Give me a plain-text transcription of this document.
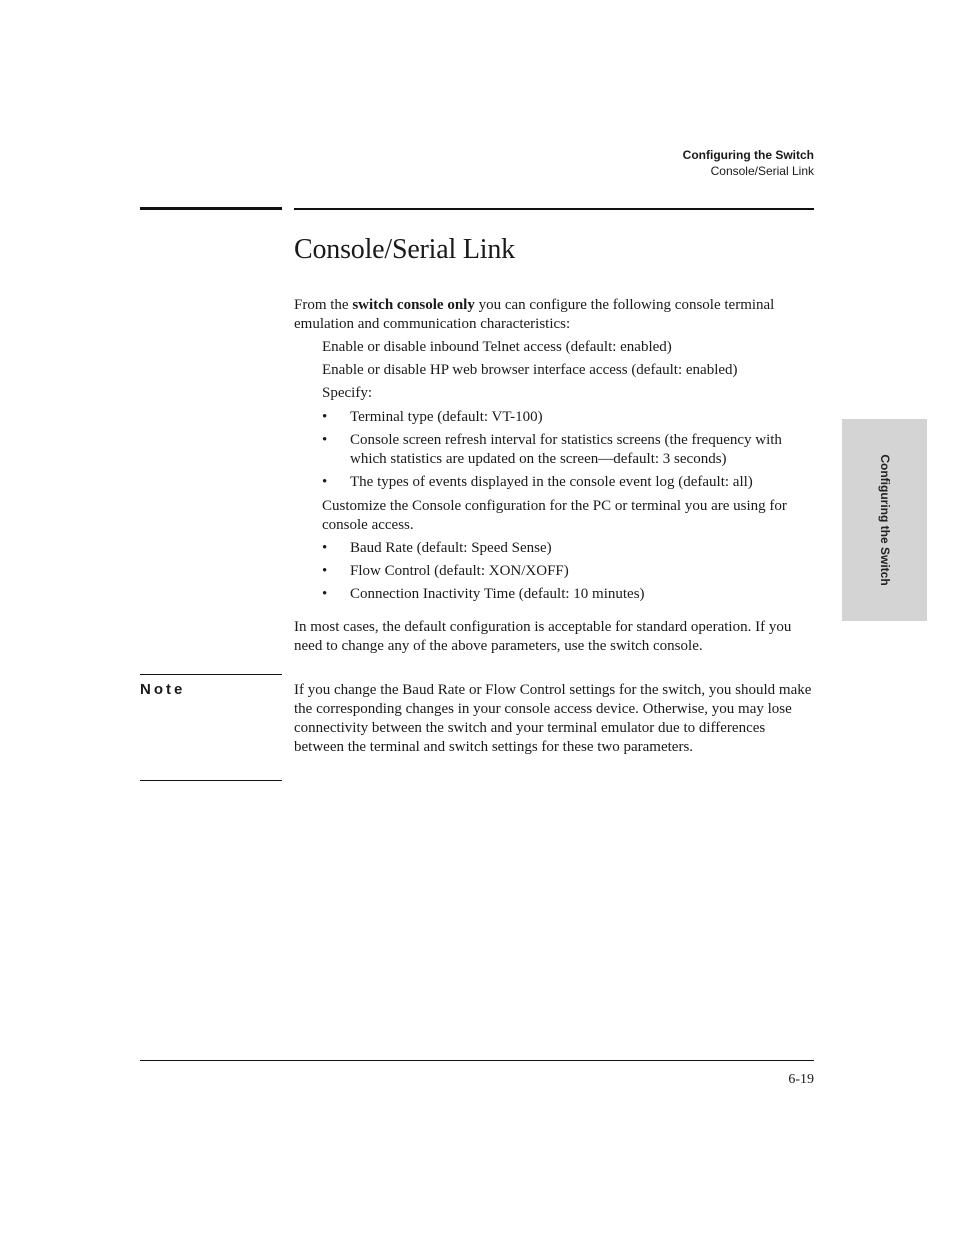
Configuring the Switch
Console/Serial Link
Console/Serial Link

From the switch console only you can configure the following console terminal emulation and communication characteristics:

Enable or disable inbound Telnet access (default: enabled)

Enable or disable HP web browser interface access (default: enabled)

Specify:

•	Terminal type (default: VT-100)
•	Console screen refresh interval for statistics screens (the frequency with which statistics are updated on the screen—default: 3 seconds)
•	The types of events displayed in the console event log (default: all)

Customize the Console configuration for the PC or terminal you are using for console access.

•	Baud Rate (default: Speed Sense)
•	Flow Control (default: XON/XOFF)
•	Connection Inactivity Time (default: 10 minutes)

In most cases, the default configuration is acceptable for standard operation. If you need to change any of the above parameters, use the switch console.

Configuring the Switch
Note	If you change the Baud Rate or Flow Control settings for the switch, you should make the corresponding changes in your console access device. Otherwise, you may lose connectivity between the switch and your terminal emulator due to differences between the terminal and switch settings for these two parameters.

6-19
